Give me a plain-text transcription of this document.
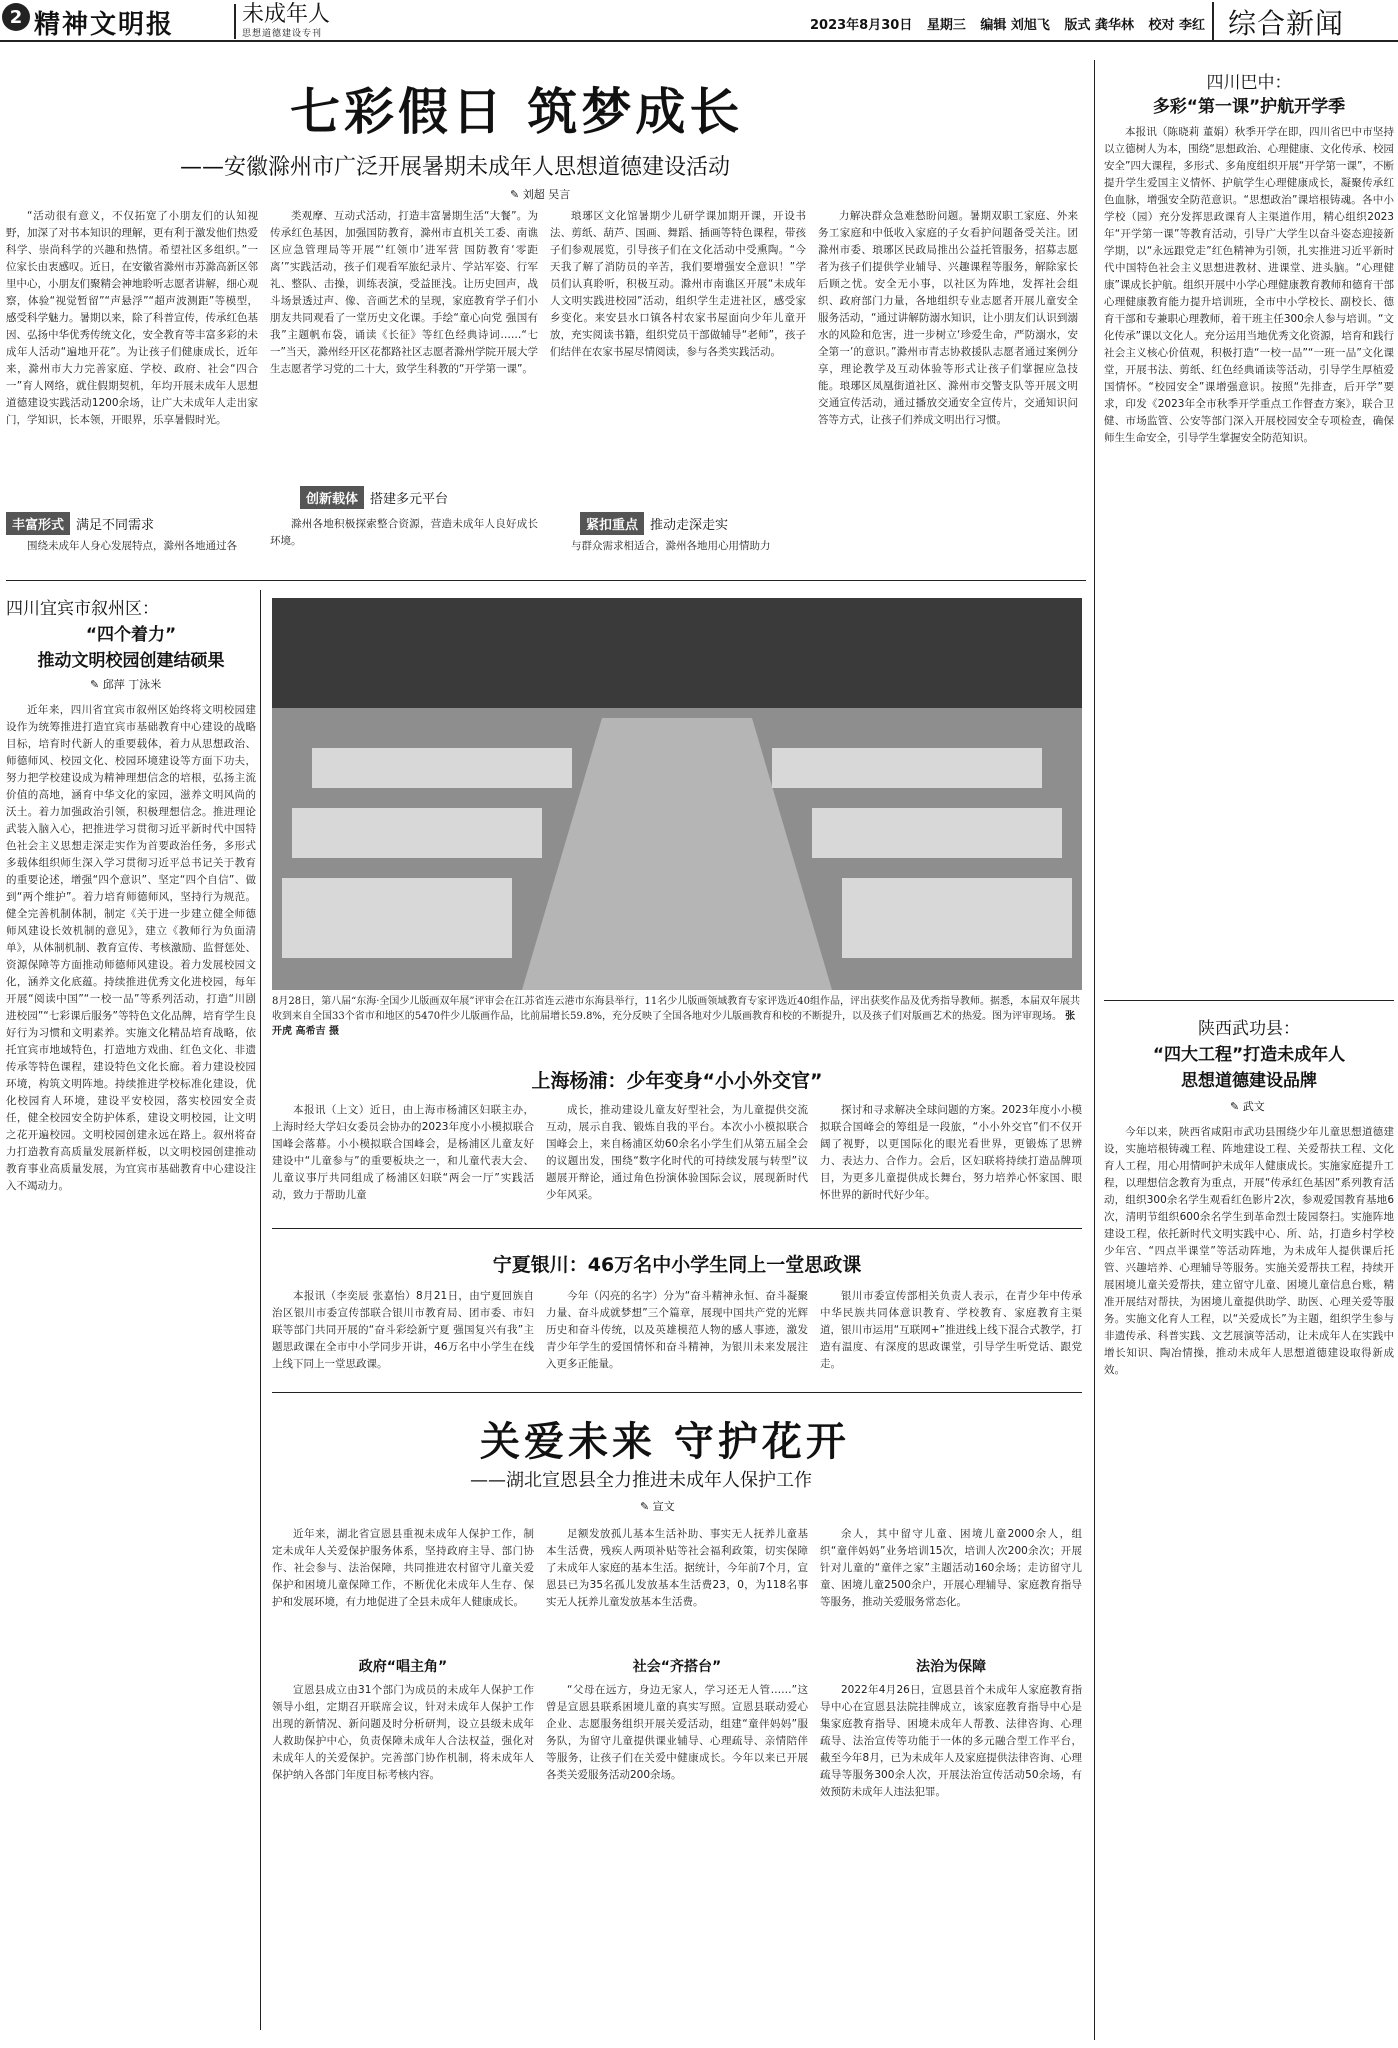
2 精神文明报	未成年人
思想道德建设专刊
2023年8月30日 星期三 编辑 刘旭飞 版式 龚华林 校对 李红 综合新闻
七彩假日 筑梦成长
——安徽滁州市广泛开展暑期未成年人思想道德建设活动
✎ 刘超 吴言
“活动很有意义，不仅拓宽了小朋友们的认知视野，加深了对书本知识的理解，更有利于激发他们热爱科学、崇尚科学的兴趣和热情。希望社区多组织。”一位家长由衷感叹。近日，在安徽省滁州市苏滁高新区邻里中心，小朋友们聚精会神地聆听志愿者讲解，细心观察，体验“视觉暂留”“声悬浮”“超声波测距”等模型，感受科学魅力。暑期以来，除了科普宣传，传承红色基因、弘扬中华优秀传统文化，安全教育等丰富多彩的未成年人活动“遍地开花”。为让孩子们健康成长，近年来，滁州市大力完善家庭、学校、政府、社会“四合一”育人网络，就住假期契机，年均开展未成年人思想道德建设实践活动1200余场，让广大未成年人走出家门，学知识，长本领，开眼界，乐享暑假时光。
丰富形式 满足不同需求
围绕未成年人身心发展特点，滁州各地通过各
类观摩、互动式活动，打造丰富暑期生活“大餐”。为传承红色基因，加强国防教育，滁州市直机关工委、南谯区应急管理局等开展“‘红领巾’进军营 国防教育‘零距离’”实践活动，孩子们观看军旅纪录片、学站军姿、行军礼、整队、击操，训练表演，受益匪浅。让历史回声，战斗场景透过声、像、音画艺术的呈现，家庭教育学子们小朋友共同观看了一堂历史文化课。手绘“童心向党 强国有我”主题帆布袋，诵读《长征》等红色经典诗词……“七一”当天，滁州经开区花都路社区志愿者滁州学院开展大学生志愿者学习党的二十大，致学生科教的“开学第一课”。
创新载体 搭建多元平台
滁州各地积极探索整合资源，营造未成年人良好成长环境。
琅琊区文化馆暑期少儿研学课加期开课，开设书法、剪纸、葫芦、国画、舞蹈、插画等特色课程，带孩子们参观展览，引导孩子们在文化活动中受熏陶。“今天我了解了消防员的辛苦，我们要增强安全意识！”学员们认真聆听，积极互动。滁州市南谯区开展“未成年人文明实践进校园”活动，组织学生走进社区，感受家乡变化。来安县水口镇各村农家书屋面向少年儿童开放，充实阅读书籍，组织党员干部做辅导“老师”，孩子们结伴在农家书屋尽情阅读，参与各类实践活动。
紧扣重点 推动走深走实
与群众需求相适合，滁州各地用心用情助力
力解决群众急难愁盼问题。暑期双职工家庭、外来务工家庭和中低收入家庭的子女看护问题备受关注。团滁州市委、琅琊区民政局推出公益托管服务，招募志愿者为孩子们提供学业辅导、兴趣课程等服务，解除家长后顾之忧。安全无小事，以社区为阵地，发挥社会组织、政府部门力量，各地组织专业志愿者开展儿童安全服务活动，“通过讲解防溺水知识，让小朋友们认识到溺水的风险和危害，进一步树立‘珍爱生命，严防溺水，安全第一’的意识。”滁州市青志协救援队志愿者通过案例分享，理论教学及互动体验等形式让孩子们掌握应急技能。琅琊区凤凰街道社区、滁州市交警支队等开展文明交通宣传活动，通过播放交通安全宣传片，交通知识问答等方式，让孩子们养成文明出行习惯。
四川宜宾市叙州区：
“四个着力”
推动文明校园创建结硕果
✎ 邱萍 丁泳米
近年来，四川省宜宾市叙州区始终将文明校园建设作为统筹推进打造宜宾市基础教育中心建设的战略目标，培育时代新人的重要载体，着力从思想政治、师德师风、校园文化、校园环境建设等方面下功夫，努力把学校建设成为精神理想信念的培根，弘扬主流价值的高地，涵育中华文化的家园，滋养文明风尚的沃土。着力加强政治引领，积极理想信念。推进理论武装入脑入心，把推进学习贯彻习近平新时代中国特色社会主义思想走深走实作为首要政治任务，多形式多载体组织师生深入学习贯彻习近平总书记关于教育的重要论述，增强“四个意识”、坚定“四个自信”、做到“两个维护”。着力培育师德师风，坚持行为规范。健全完善机制体制，制定《关于进一步建立健全师德师风建设长效机制的意见》，建立《教师行为负面清单》，从体制机制、教育宣传、考核激励、监督惩处、资源保障等方面推动师德师风建设。着力发展校园文化，涵养文化底蕴。持续推进优秀文化进校园，每年开展“阅读中国”“一校一品”等系列活动，打造“川剧 进校园”“七彩课后服务”等特色文化品牌，培育学生良好行为习惯和文明素养。实施文化精品培育战略，依托宜宾市地域特色，打造地方戏曲、红色文化、非遗传承等特色课程，建设特色文化长廊。着力建设校园环境，构筑文明阵地。持续推进学校标准化建设，优化校园育人环境，建设平安校园，落实校园安全责任，健全校园安全防护体系，建设文明校园，让文明之花开遍校园。文明校园创建永远在路上。叙州将奋力打造教育高质量发展新样板，以文明校园创建推动教育事业高质量发展，为宜宾市基础教育中心建设注入不竭动力。
8月28日，第八届“东海·全国少儿版画双年展”评审会在江苏省连云港市东海县举行，11名少儿版画领域教育专家评选近40组作品，评出获奖作品及优秀指导教师。据悉，本届双年展共收到来自全国33个省市和地区的5470件少儿版画作品，比前届增长59.8%，充分反映了全国各地对少儿版画教育和校的不断提升，以及孩子们对版画艺术的热爱。图为评审现场。 张开虎 高希吉 摄
上海杨浦：少年变身“小小外交官”
本报讯（上文）近日，由上海市杨浦区妇联主办，上海时经大学妇女委员会协办的2023年度小小模拟联合国峰会落幕。小小模拟联合国峰会，是杨浦区儿童友好建设中“儿童参与”的重要板块之一，和儿童代表大会、儿童议事厅共同组成了杨浦区妇联“两会一厅”实践活动，致力于帮助儿童
成长，推动建设儿童友好型社会，为儿童提供交流互动，展示自我、锻炼自我的平台。本次小小模拟联合国峰会上，来自杨浦区幼60余名小学生们从第五届全会的议题出发，围绕“数字化时代的可持续发展与转型”议题展开辩论，通过角色扮演体验国际会议，展现新时代少年风采。
探讨和寻求解决全球问题的方案。2023年度小小模拟联合国峰会的筹组是一段旅，“小小外交官”们不仅开阔了视野，以更国际化的眼光看世界，更锻炼了思辨力、表达力、合作力。会后，区妇联将持续打造品牌项目，为更多儿童提供成长舞台，努力培养心怀家国、眼怀世界的新时代好少年。
宁夏银川：46万名中小学生同上一堂思政课
本报讯（李奕辰 张嘉怡）8月21日，由宁夏回族自治区银川市委宣传部联合银川市教育局、团市委、市妇联等部门共同开展的“奋斗彩绘新宁夏 强国复兴有我”主题思政课在全市中小学同步开讲，46万名中小学生在线上线下同上一堂思政课。
今年（闪亮的名字）分为“奋斗精神永恒、奋斗凝聚力量、奋斗成就梦想”三个篇章，展现中国共产党的光辉历史和奋斗传统，以及英雄模范人物的感人事迹，激发青少年学生的爱国情怀和奋斗精神，为银川未来发展注入更多正能量。
银川市委宣传部相关负责人表示，在青少年中传承中华民族共同体意识教育、学校教育、家庭教育主渠道，银川市运用“互联网+”推进线上线下混合式教学，打造有温度、有深度的思政课堂，引导学生听党话、跟党走。
关爱未来 守护花开
——湖北宣恩县全力推进未成年人保护工作
✎ 宣文
近年来，湖北省宣恩县重视未成年人保护工作，制定未成年人关爱保护服务体系，坚持政府主导、部门协作、社会参与、法治保障，共同推进农村留守儿童关爱保护和困境儿童保障工作，不断优化未成年人生存、保护和发展环境，有力地促进了全县未成年人健康成长。
政府“唱主角”
宣恩县成立由31个部门为成员的未成年人保护工作领导小组，定期召开联席会议，针对未成年人保护工作出现的新情况、新问题及时分析研判，设立县级未成年人救助保护中心，负责保障未成年人合法权益，强化对未成年人的关爱保护。完善部门协作机制，将未成年人保护纳入各部门年度目标考核内容。
足额发放孤儿基本生活补助、事实无人抚养儿童基本生活费，残疾人两项补贴等社会福利政策，切实保障了未成年人家庭的基本生活。据统计，今年前7个月，宣恩县已为35名孤儿发放基本生活费23，0，为118名事实无人抚养儿童发放基本生活费。
社会“齐搭台”
“父母在远方，身边无家人，学习还无人管……”这曾是宣恩县联系困境儿童的真实写照。宣恩县联动爱心企业、志愿服务组织开展关爱活动，组建“童伴妈妈”服务队，为留守儿童提供课业辅导、心理疏导、亲情陪伴等服务，让孩子们在关爱中健康成长。今年以来已开展各类关爱服务活动200余场。
余人，其中留守儿童、困境儿童2000余人，组织“童伴妈妈”业务培训15次，培训人次200余次；开展针对儿童的“童伴之家”主题活动160余场；走访留守儿童、困境儿童2500余户，开展心理辅导、家庭教育指导等服务，推动关爱服务常态化。
法治为保障
2022年4月26日，宣恩县首个未成年人家庭教育指导中心在宣恩县法院挂牌成立，该家庭教育指导中心是集家庭教育指导、困境未成年人帮教、法律咨询、心理疏导、法治宣传等功能于一体的多元融合型工作平台，截至今年8月，已为未成年人及家庭提供法律咨询、心理疏导等服务300余人次，开展法治宣传活动50余场，有效预防未成年人违法犯罪。
四川巴中：
多彩“第一课”护航开学季
本报讯（陈晓莉 董娟）秋季开学在即，四川省巴中市坚持以立德树人为本，围绕“思想政治、心理健康、文化传承、校园安全”四大课程，多形式、多角度组织开展“开学第一课”，不断提升学生爱国主义情怀、护航学生心理健康成长，凝聚传承红色血脉，增强安全防范意识。“思想政治”课培根铸魂。各中小学校（园）充分发挥思政课育人主渠道作用，精心组织2023年“开学第一课”等教育活动，引导广大学生以奋斗姿态迎接新学期，以“永远跟党走”红色精神为引领，扎实推进习近平新时代中国特色社会主义思想进教材、进课堂、进头脑。“心理健康”课成长护航。组织开展中小学心理健康教育教师和德育干部心理健康教育能力提升培训班，全市中小学校长、副校长、德育干部和专兼职心理教师，着干班主任300余人参与培训。“文化传承”课以文化人。充分运用当地优秀文化资源，培育和践行社会主义核心价值观，积极打造“一校一品”“一班一品”文化课堂，开展书法、剪纸、红色经典诵读等活动，引导学生厚植爱国情怀。“校园安全”课增强意识。按照“先排查，后开学”要求，印发《2023年全市秋季开学重点工作督查方案》，联合卫健、市场监管、公安等部门深入开展校园安全专项检查，确保师生生命安全，引导学生掌握安全防范知识。
陕西武功县：
“四大工程”打造未成年人
思想道德建设品牌
✎ 武文
今年以来，陕西省咸阳市武功县围绕少年儿童思想道德建设，实施培根铸魂工程、阵地建设工程、关爱帮扶工程、文化育人工程，用心用情呵护未成年人健康成长。实施家庭提升工程，以理想信念教育为重点，开展“传承红色基因”系列教育活动，组织300余名学生观看红色影片2次，参观爱国教育基地6次，清明节组织600余名学生到革命烈士陵园祭扫。实施阵地建设工程，依托新时代文明实践中心、所、站，打造乡村学校少年宫、“四点半课堂”等活动阵地，为未成年人提供课后托管、兴趣培养、心理辅导等服务。实施关爱帮扶工程，持续开展困境儿童关爱帮扶，建立留守儿童、困境儿童信息台账，精准开展结对帮扶，为困境儿童提供助学、助医、心理关爱等服务。实施文化育人工程，以“关爱成长”为主题，组织学生参与非遗传承、科普实践、文艺展演等活动，让未成年人在实践中增长知识、陶冶情操，推动未成年人思想道德建设取得新成效。
